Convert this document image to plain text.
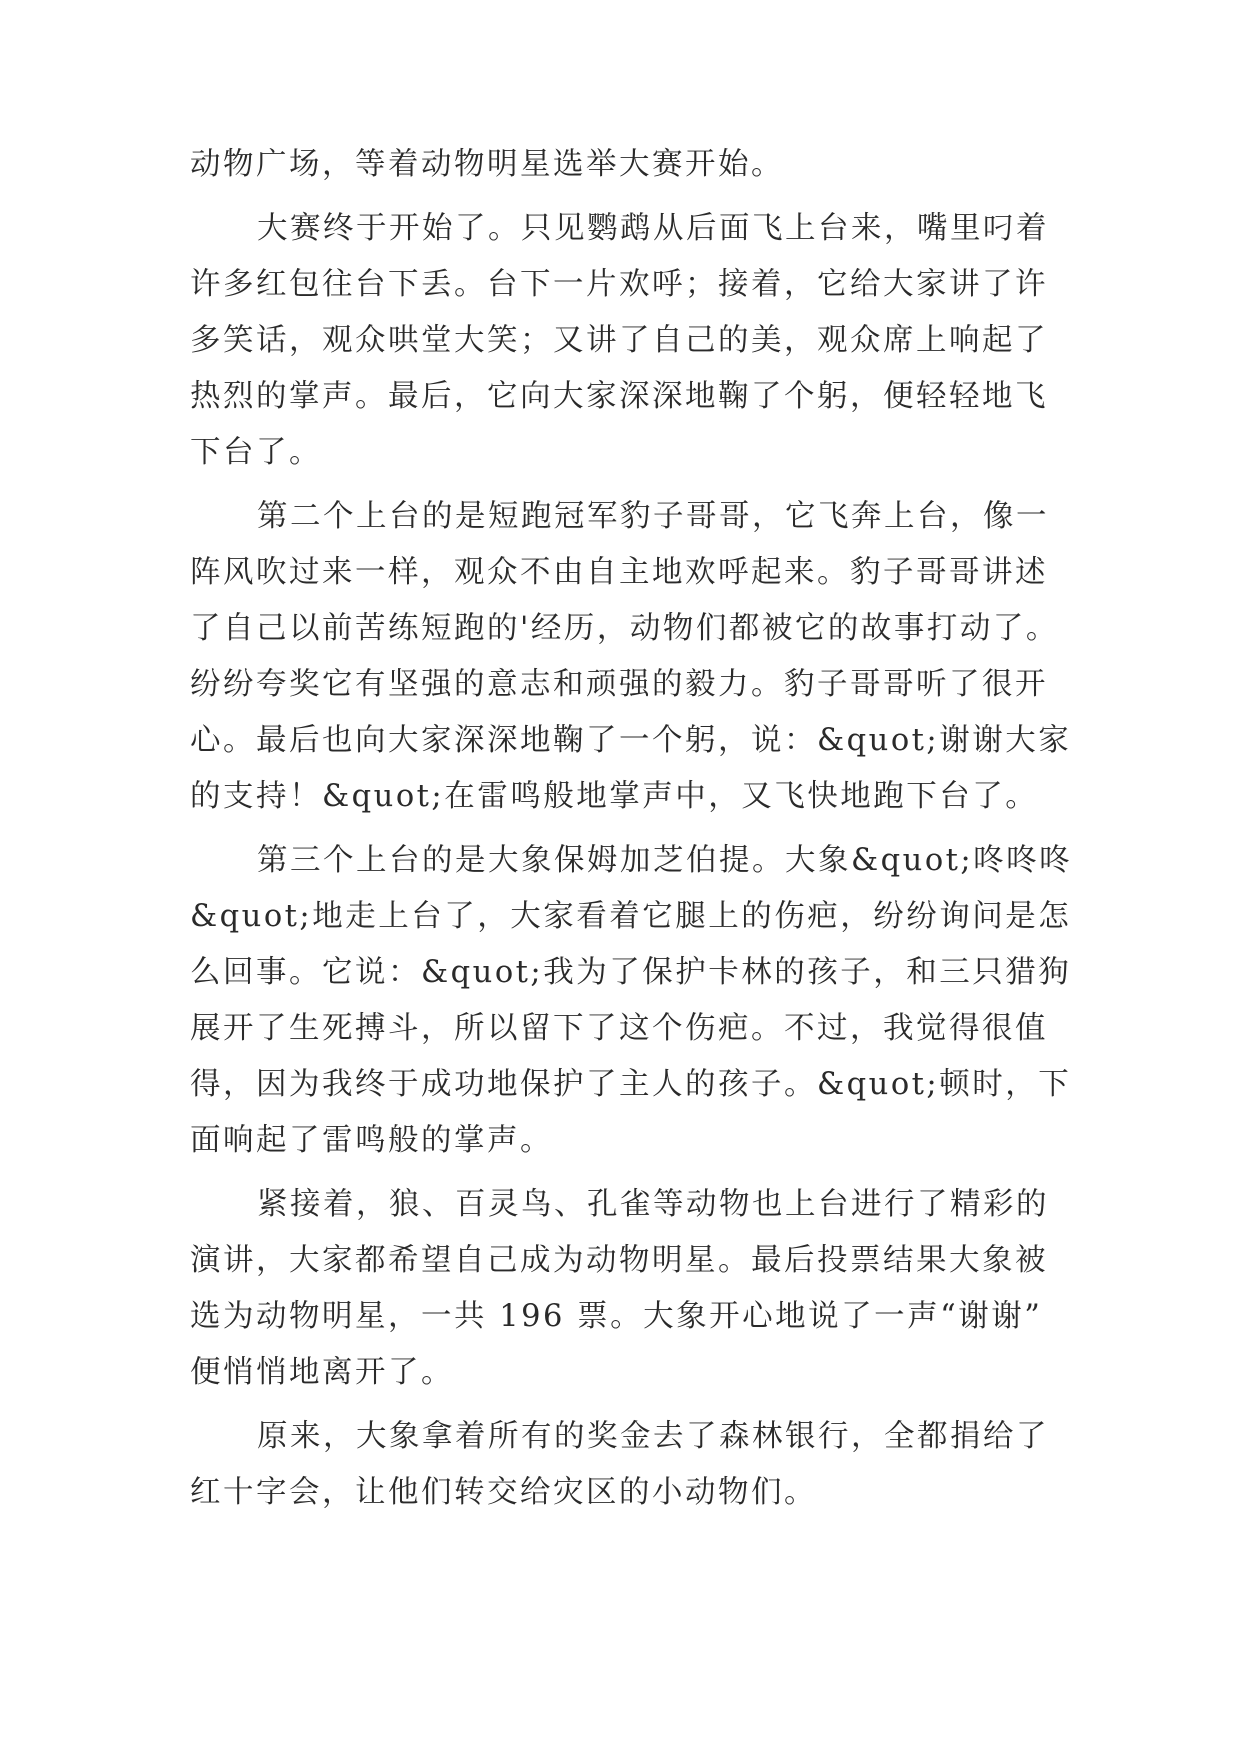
动物广场，等着动物明星选举大赛开始。
大赛终于开始了。只见鹦鹉从后面飞上台来，嘴里叼着
许多红包往台下丢。台下一片欢呼；接着，它给大家讲了许
多笑话，观众哄堂大笑；又讲了自己的美，观众席上响起了
热烈的掌声。最后，它向大家深深地鞠了个躬，便轻轻地飞
下台了。
第二个上台的是短跑冠军豹子哥哥，它飞奔上台，像一
阵风吹过来一样，观众不由自主地欢呼起来。豹子哥哥讲述
了自己以前苦练短跑的'经历，动物们都被它的故事打动了。
纷纷夸奖它有坚强的意志和顽强的毅力。豹子哥哥听了很开
心。最后也向大家深深地鞠了一个躬，说：&quot;谢谢大家
的支持！&quot;在雷鸣般地掌声中，又飞快地跑下台了。
第三个上台的是大象保姆加芝伯提。大象&quot;咚咚咚
&quot;地走上台了，大家看着它腿上的伤疤，纷纷询问是怎
么回事。它说：&quot;我为了保护卡林的孩子，和三只猎狗
展开了生死搏斗，所以留下了这个伤疤。不过，我觉得很值
得，因为我终于成功地保护了主人的孩子。&quot;顿时，下
面响起了雷鸣般的掌声。
紧接着，狼、百灵鸟、孔雀等动物也上台进行了精彩的
演讲，大家都希望自己成为动物明星。最后投票结果大象被
选为动物明星，一共 196 票。大象开心地说了一声“谢谢”
便悄悄地离开了。
原来，大象拿着所有的奖金去了森林银行，全都捐给了
红十字会，让他们转交给灾区的小动物们。
